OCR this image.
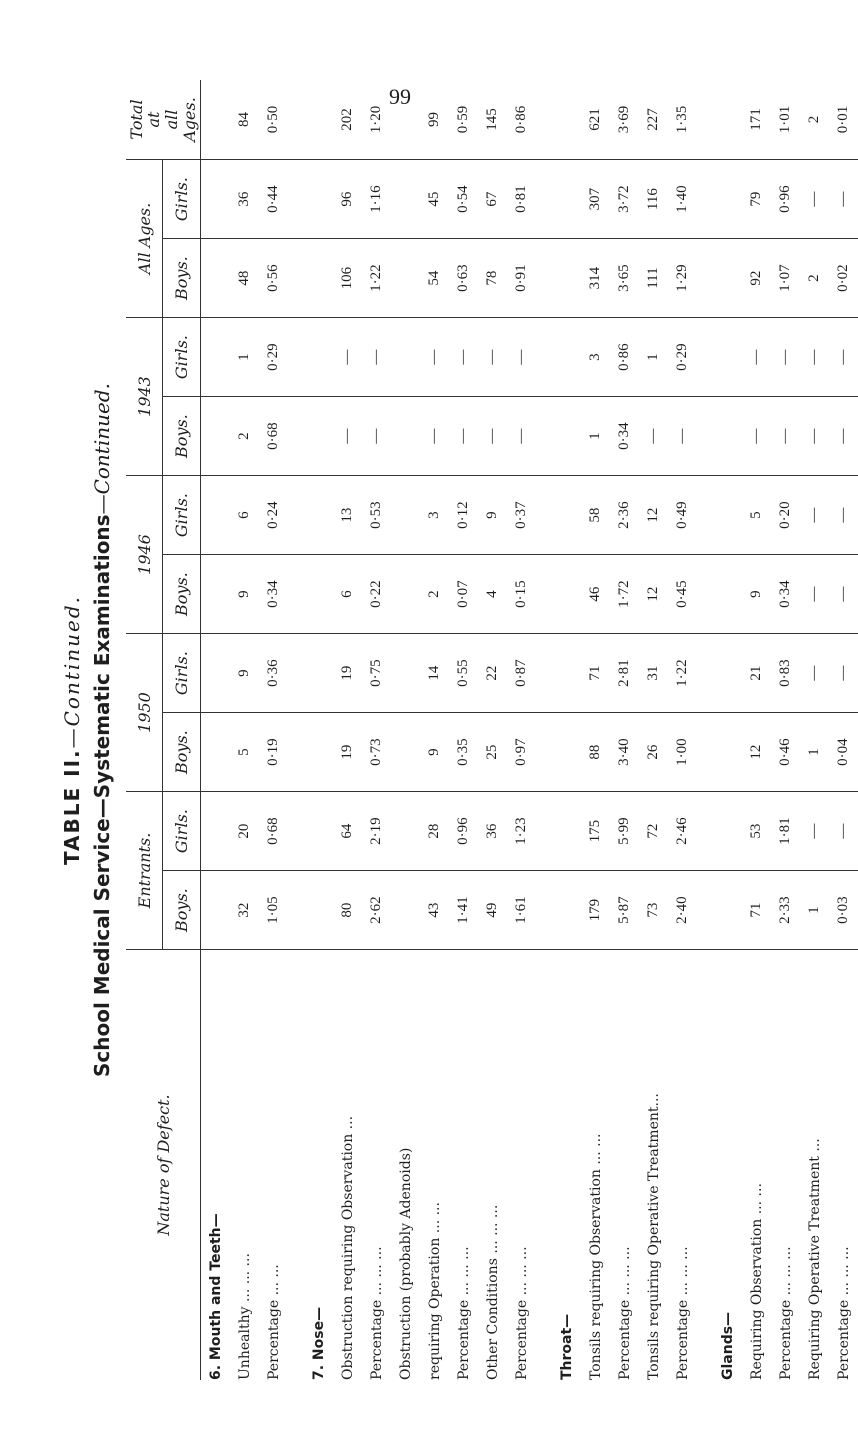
99
TABLE II.—Continued. School Medical Service—Systematic Examinations—Continued.
Nature of Defect.	Entrants.		1950		1946		1943		All Ages.		Total
at
all
Ages.

	Boys.	Girls.	Boys.	Girls.	Boys.	Girls.	Boys.	Girls.	Boys.	Girls.	
6. Mouth and Teeth—											
Unhealthy ... ... ...	32	20	5	9	9	6	2	1	48	36	84
Percentage ... ...	1·05	0·68	0·19	0·36	0·34	0·24	0·68	0·29	0·56	0·44	0·50

7. Nose—											
Obstruction requiring Observation ...	80	64	19	19	6	13	—	—	106	96	202
Percentage ... ... ...	2·62	2·19	0·73	0·75	0·22	0·53	—	—	1·22	1·16	1·20
Obstruction (probably Adenoids)											
requiring Operation ... ...	43	28	9	14	2	3	—	—	54	45	99
Percentage ... ... ...	1·41	0·96	0·35	0·55	0·07	0·12	—	—	0·63	0·54	0·59
Other Conditions ... ... ...	49	36	25	22	4	9	—	—	78	67	145
Percentage ... ... ...	1·61	1·23	0·97	0·87	0·15	0·37	—	—	0·91	0·81	0·86

Throat—											
Tonsils requiring Observation ... ...	179	175	88	71	46	58	1	3	314	307	621
Percentage ... ... ...	5·87	5·99	3·40	2·81	1·72	2·36	0·34	0·86	3·65	3·72	3·69
Tonsils requiring Operative Treatment...	73	72	26	31	12	12	—	1	111	116	227
Percentage ... ... ...	2·40	2·46	1·00	1·22	0·45	0·49	—	0·29	1·29	1·40	1·35

Glands—											
Requiring Observation ... ...	71	53	12	21	9	5	—	—	92	79	171
Percentage ... ... ...	2·33	1·81	0·46	0·83	0·34	0·20	—	—	1·07	0·96	1·01
Requiring Operative Treatment ...	1	—	1	—	—	—	—	—	2	—	2
Percentage ... ... ...	0·03	—	0·04	—	—	—	—	—	0·02	—	0·01
